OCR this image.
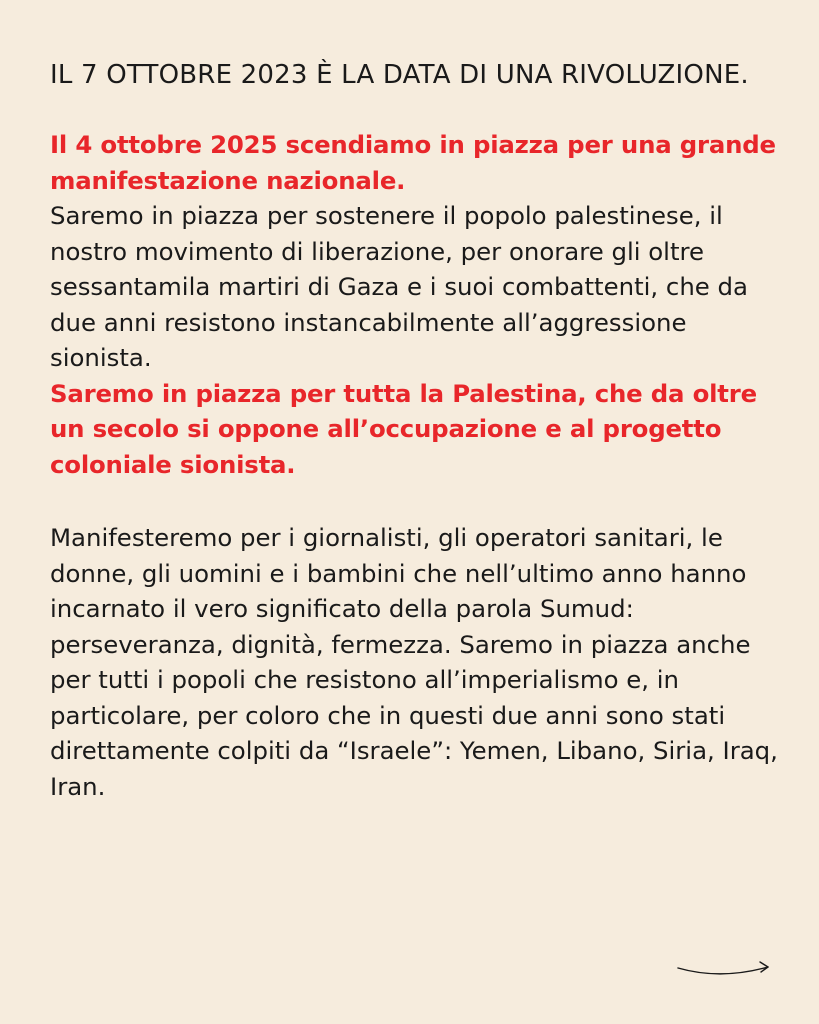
IL 7 OTTOBRE 2023 È LA DATA DI UNA RIVOLUZIONE.
Il 4 ottobre 2025 scendiamo in piazza per una grande manifestazione nazionale.
Saremo in piazza per sostenere il popolo palestinese, il nostro movimento di liberazione, per onorare gli oltre sessantamila martiri di Gaza e i suoi combattenti, che da due anni resistono instancabilmente all’aggressione sionista.
Saremo in piazza per tutta la Palestina, che da oltre un secolo si oppone all’occupazione e al progetto coloniale sionista.
Manifesteremo per i giornalisti, gli operatori sanitari, le donne, gli uomini e i bambini che nell’ultimo anno hanno incarnato il vero significato della parola Sumud: perseveranza, dignità, fermezza. Saremo in piazza anche per tutti i popoli che resistono all’imperialismo e, in particolare, per coloro che in questi due anni sono stati direttamente colpiti da “Israele”: Yemen, Libano, Siria, Iraq, Iran.
